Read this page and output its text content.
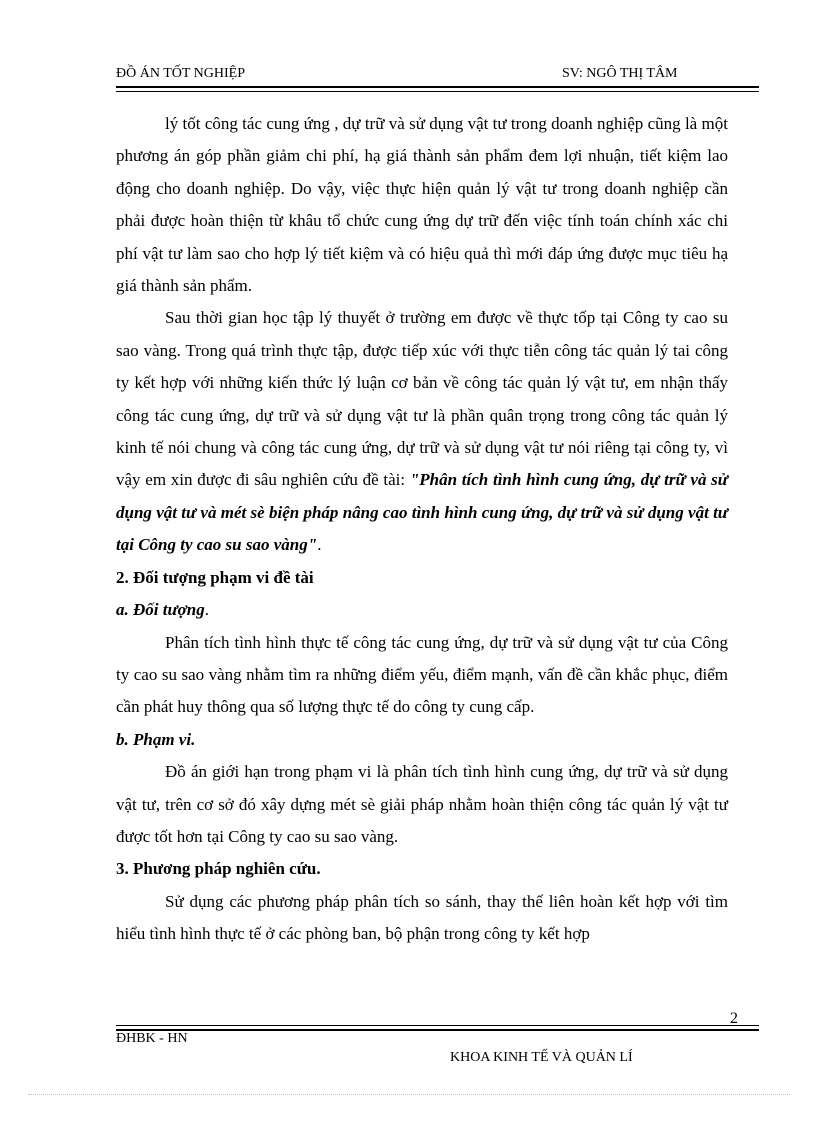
ĐỒ ÁN TỐT NGHIỆP	SV: NGÔ THỊ TÂM

lý tốt công tác cung ứng , dự trữ và sử dụng vật tư trong doanh nghiệp cũng là một phương án góp phần giảm chi phí, hạ giá thành sản phẩm đem lợi nhuận, tiết kiệm lao động cho doanh nghiệp. Do vậy, việc thực hiện quản lý vật tư trong doanh nghiệp cần phải được hoàn thiện từ khâu tổ chức cung ứng dự trữ đến việc tính toán chính xác chi phí vật tư làm sao cho hợp lý tiết kiệm và có hiệu quả thì mới đáp ứng được mục tiêu hạ giá thành sản phẩm.

Sau thời gian học tập lý thuyết ở trường em được về thực tốp tại Công ty cao su sao vàng. Trong quá trình thực tập, được tiếp xúc với thực tiễn công tác quản lý tai công ty kết hợp với những kiến thức lý luận cơ bản về công tác quản lý vật tư, em nhận thấy công tác cung ứng, dự trữ và sử dụng vật tư là phần quân trọng trong công tác quản lý kinh tế nói chung và công tác cung ứng, dự trữ và sử dụng vật tư nói riêng tại công ty, vì vậy em xin được đi sâu nghiên cứu đề tài: "Phân tích tình hình cung ứng, dự trữ và sử dụng vật tư và mét sè biện pháp nâng cao tình hình cung ứng, dự trữ và sử dụng vật tư tại Công ty cao su sao vàng".

2. Đối tượng phạm vi đề tài

a. Đối tượng.

Phân tích tình hình thực tế công tác cung ứng, dự trữ và sử dụng vật tư của Công ty cao su sao vàng nhằm tìm ra những điểm yếu, điểm mạnh, vấn đề cần khắc phục, điểm cần phát huy thông qua số lượng thực tế do công ty cung cấp.

b. Phạm vi.

Đồ án giới hạn trong phạm vi là phân tích tình hình cung ứng, dự trữ và sử dụng vật tư, trên cơ sở đó xây dựng mét sè giải pháp nhằm hoàn thiện công tác quản lý vật tư được tốt hơn tại Công ty cao su sao vàng.

3. Phương pháp nghiên cứu.

Sử dụng các phương pháp phân tích so sánh, thay thế liên hoàn kết hợp với tìm hiểu tình hình thực tế ở các phòng ban, bộ phận trong công ty kết hợp

2
ĐHBK - HN
KHOA KINH TẾ VÀ QUẢN LÍ
